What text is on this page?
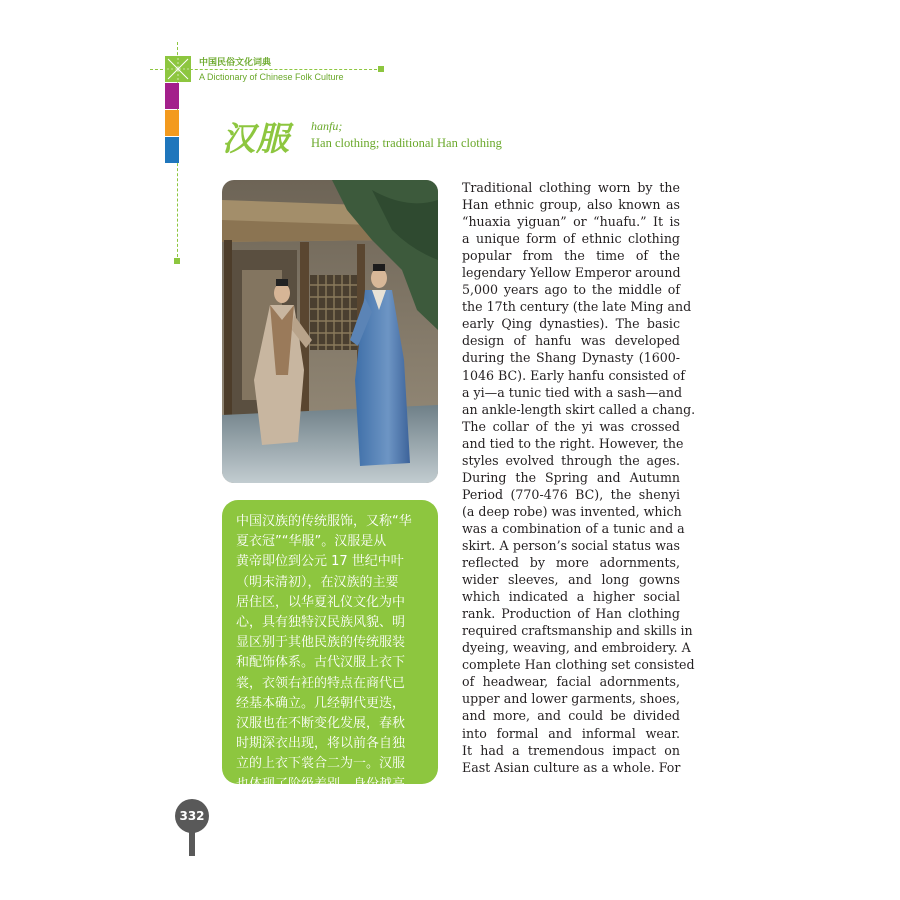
中国民俗文化词典
A Dictionary of Chinese Folk Culture
汉服 hanfu;
Han clothing; traditional Han clothing
中国汉族的传统服饰，又称“华
夏衣冠”“华服”。汉服是从
黄帝即位到公元 17 世纪中叶
（明末清初），在汉族的主要
居住区，以华夏礼仪文化为中
心，具有独特汉民族风貌、明
显区别于其他民族的传统服装
和配饰体系。古代汉服上衣下
裳，衣领右衽的特点在商代已
经基本确立。几经朝代更迭，
汉服也在不断变化发展，春秋
时期深衣出现，将以前各自独
立的上衣下裳合二为一。汉服
也体现了阶级差别，身份越高
Traditional clothing worn by the
Han ethnic group, also known as
“huaxia yiguan” or “huafu.” It is
a unique form of ethnic clothing
popular from the time of the
legendary Yellow Emperor around
5,000 years ago to the middle of
the 17th century (the late Ming and
early Qing dynasties). The basic
design of hanfu was developed
during the Shang Dynasty (1600-
1046 BC). Early hanfu consisted of
a yi—a tunic tied with a sash—and
an ankle-length skirt called a chang.
The collar of the yi was crossed
and tied to the right. However, the
styles evolved through the ages.
During the Spring and Autumn
Period (770-476 BC), the shenyi
(a deep robe) was invented, which
was a combination of a tunic and a
skirt. A person’s social status was
reflected by more adornments,
wider sleeves, and long gowns
which indicated a higher social
rank. Production of Han clothing
required craftsmanship and skills in
dyeing, weaving, and embroidery. A
complete Han clothing set consisted
of headwear, facial adornments,
upper and lower garments, shoes,
and more, and could be divided
into formal and informal wear.
It had a tremendous impact on
East Asian culture as a whole. For
332
